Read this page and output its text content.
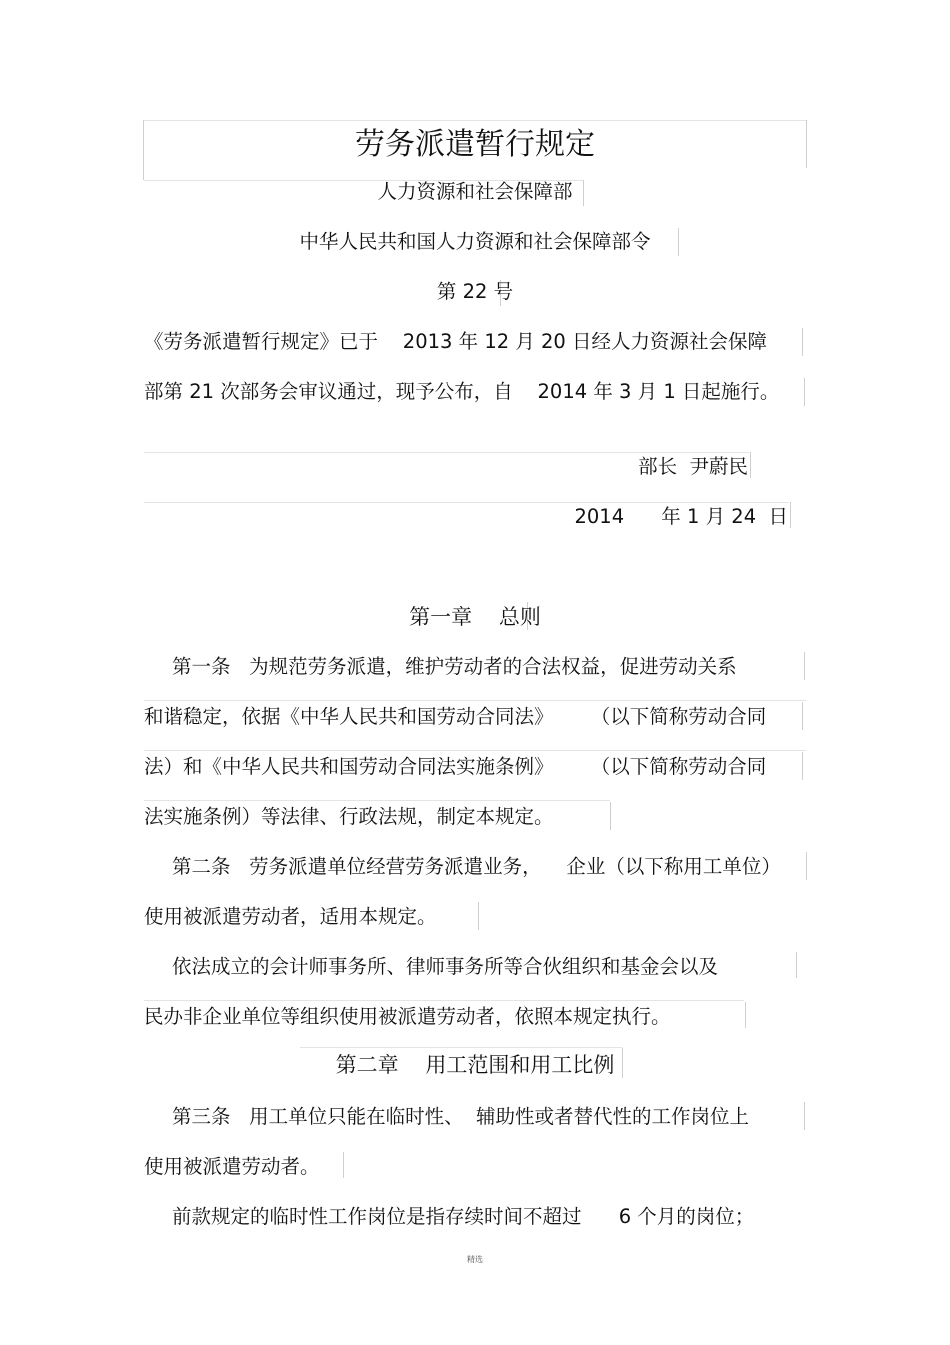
劳务派遣暂行规定

人力资源和社会保障部

中华人民共和国人力资源和社会保障部令

第 22 号

《劳务派遣暂行规定》已于    2013 年 12 月 20 日经人力资源社会保障

部第 21 次部务会审议通过，现予公布，自    2014 年 3 月 1 日起施行。

部长  尹蔚民

2014      年 1 月 24  日

第一章    总则

第一条   为规范劳务派遣，维护劳动者的合法权益，促进劳动关系

和谐稳定，依据《中华人民共和国劳动合同法》      （以下简称劳动合同

法）和《中华人民共和国劳动合同法实施条例》      （以下简称劳动合同

法实施条例）等法律、行政法规，制定本规定。

第二条   劳务派遣单位经营劳务派遣业务，    企业（以下称用工单位）

使用被派遣劳动者，适用本规定。

依法成立的会计师事务所、律师事务所等合伙组织和基金会以及

民办非企业单位等组织使用被派遣劳动者，依照本规定执行。

第二章    用工范围和用工比例

第三条   用工单位只能在临时性、  辅助性或者替代性的工作岗位上

使用被派遣劳动者。

前款规定的临时性工作岗位是指存续时间不超过      6 个月的岗位；

精选
